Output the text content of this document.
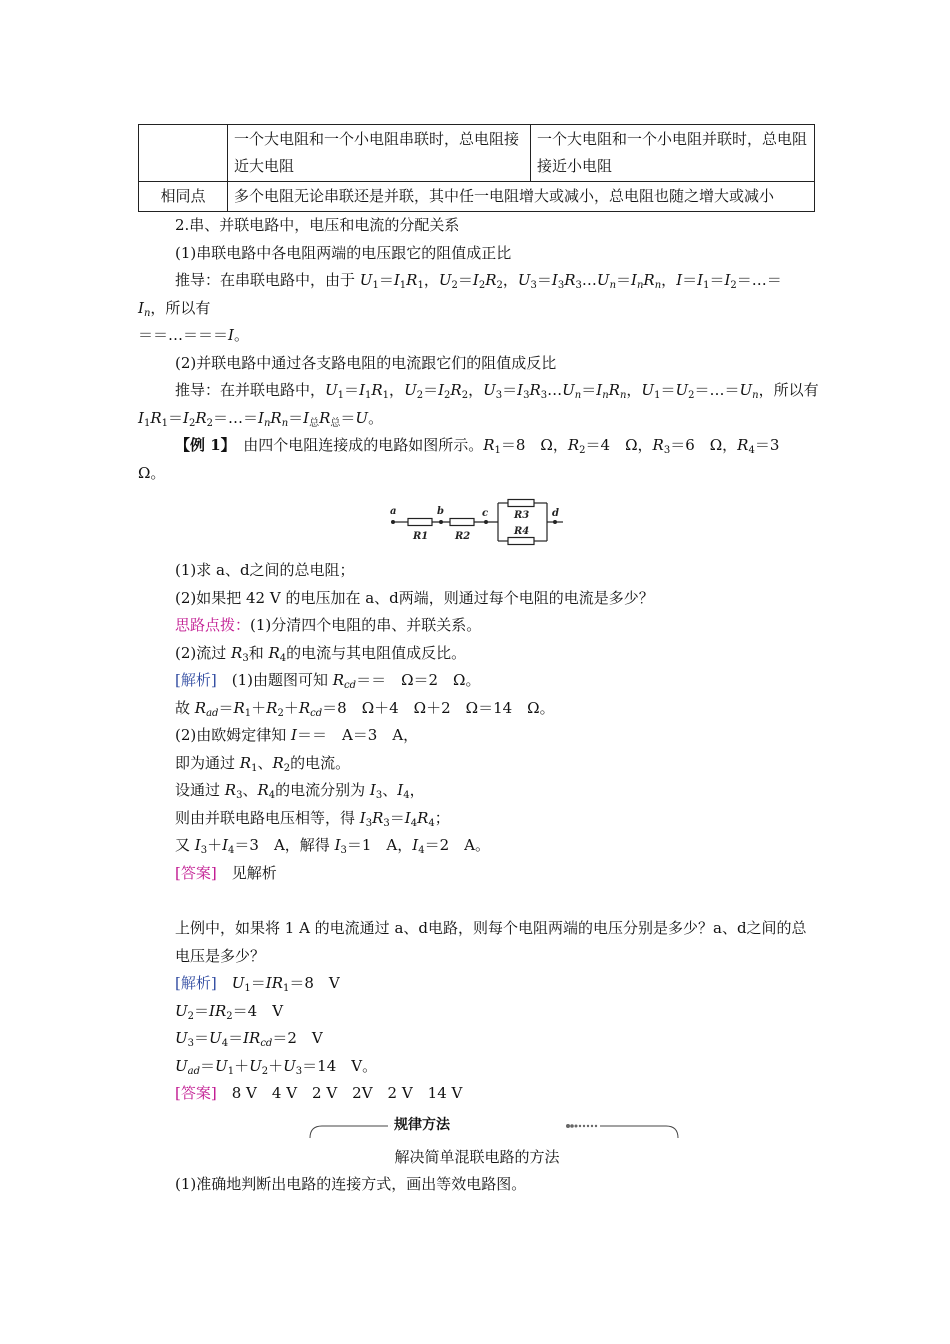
	一个大电阻和一个小电阻串联时，总电阻接近大电阻	一个大电阻和一个小电阻并联时，总电阻接近小电阻
相同点	多个电阻无论串联还是并联，其中任一电阻增大或减小，总电阻也随之增大或减小	
2.串、并联电路中，电压和电流的分配关系
(1)串联电路中各电阻两端的电压跟它的阻值成正比
推导：在串联电路中，由于 $U_1=I_1R_1$，$U_2=I_2R_2$，$U_3=I_3R_3\dots U_n=I_nR_n$，$I=I_1=I_2=\dots=$
$I_n$，所以有
＝＝…＝＝＝I。
(2)并联电路中通过各支路电阻的电流跟它们的阻值成反比
推导：在并联电路中，$U_1=I_1R_1$，$U_2=I_2R_2$，$U_3=I_3R_3\dots U_n=I_nR_n$，$U_1=U_2=\dots=U_n$，所以有
$I_1R_1=I_2R_2=\dots=I_nR_n=I_总R_总=U$。
【例 1】　 由四个电阻连接成的电路如图所示。$R_1=8$　Ω，$R_2=4$　Ω，$R_3=6$　Ω，$R_4=3$
Ω。
a	b	c	d
R1	R2
R3
R4
(1)求 a、d之间的总电阻；
(2)如果把 42 V 的电压加在 a、d两端，则通过每个电阻的电流是多少？
思路点拨：(1)分清四个电阻的串、并联关系。
(2)流过 $R_3$和 $R_4$的电流与其电阻值成反比。
[解析]　(1)由题图可知 $R_{cd}==$　Ω＝2　Ω。
故 $R_{ad}=R_1+R_2+R_{cd}=8$　Ω＋4　Ω＋2　Ω＝14　Ω。
(2)由欧姆定律知 I＝＝　A＝3　A，
即为通过 $R_1$、$R_2$的电流。
设通过 $R_3$、$R_4$的电流分别为 $I_3$、$I_4$，
则由并联电路电压相等，得 $I_3R_3=I_4R_4$；
又 $I_3+I_4=3$　A，解得 $I_3=1$　A，$I_4=2$　A。
[答案]　 见解析
上例中，如果将 1 A 的电流通过 a、d电路，则每个电阻两端的电压分别是多少？a、d之间的总电压是多少？
[解析]　 $U_1=IR_1=8$　V
$U_2=IR_2=4$　V
$U_3=U_4=IR_{cd}=2$　V
$U_{ad}=U_1+U_2+U_3=14$　V。
[答案]　 8 V　4 V　2 V　2V　2 V　14 V
规律方法
解决简单混联电路的方法
(1)准确地判断出电路的连接方式，画出等效电路图。
